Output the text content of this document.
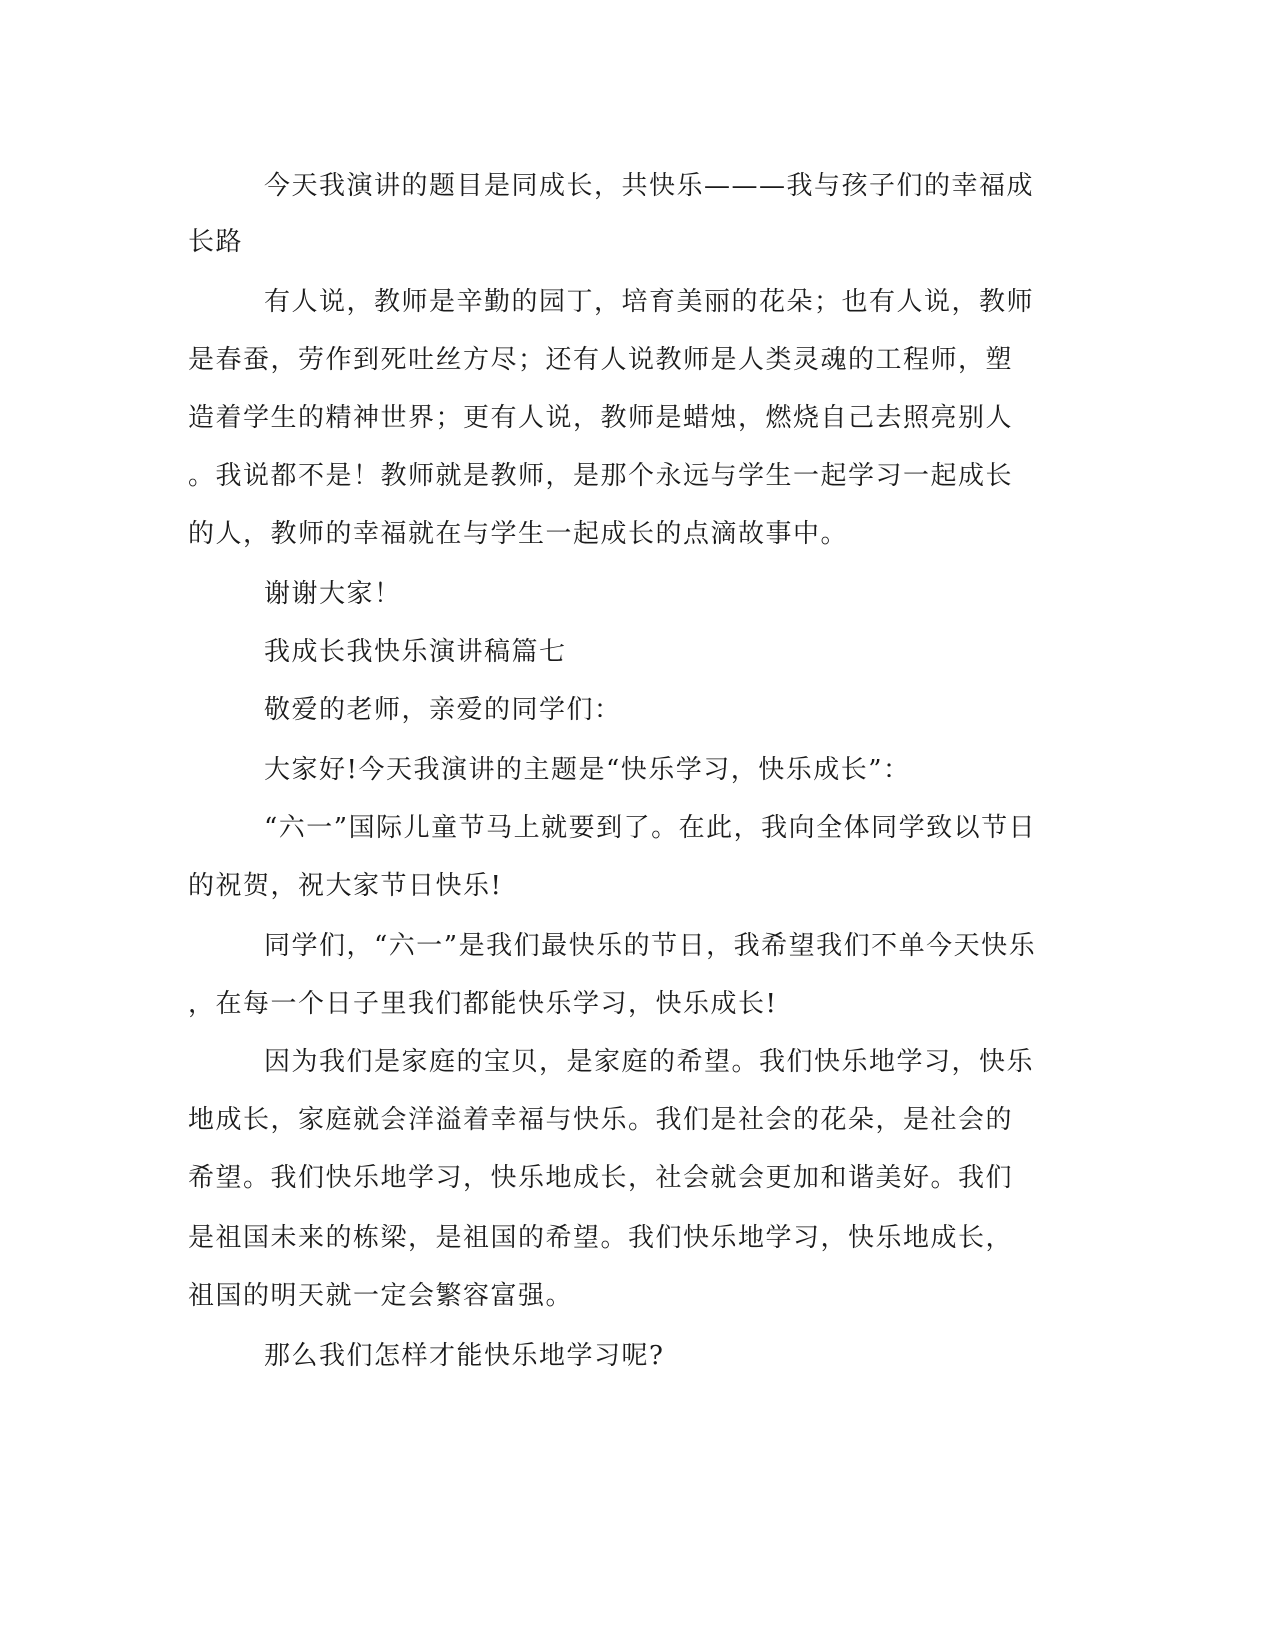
今天我演讲的题目是同成长，共快乐———我与孩子们的幸福成
长路
有人说，教师是辛勤的园丁，培育美丽的花朵；也有人说，教师
是春蚕，劳作到死吐丝方尽；还有人说教师是人类灵魂的工程师，塑
造着学生的精神世界；更有人说，教师是蜡烛，燃烧自己去照亮别人
。我说都不是！教师就是教师，是那个永远与学生一起学习一起成长
的人，教师的幸福就在与学生一起成长的点滴故事中。
谢谢大家！
我成长我快乐演讲稿篇七
敬爱的老师，亲爱的同学们：
大家好!今天我演讲的主题是“快乐学习，快乐成长”：
“六一”国际儿童节马上就要到了。在此，我向全体同学致以节日
的祝贺，祝大家节日快乐!
同学们，“六一”是我们最快乐的节日，我希望我们不单今天快乐
，在每一个日子里我们都能快乐学习，快乐成长!
因为我们是家庭的宝贝，是家庭的希望。我们快乐地学习，快乐
地成长，家庭就会洋溢着幸福与快乐。我们是社会的花朵，是社会的
希望。我们快乐地学习，快乐地成长，社会就会更加和谐美好。我们
是祖国未来的栋梁，是祖国的希望。我们快乐地学习，快乐地成长，
祖国的明天就一定会繁容富强。
那么我们怎样才能快乐地学习呢?
